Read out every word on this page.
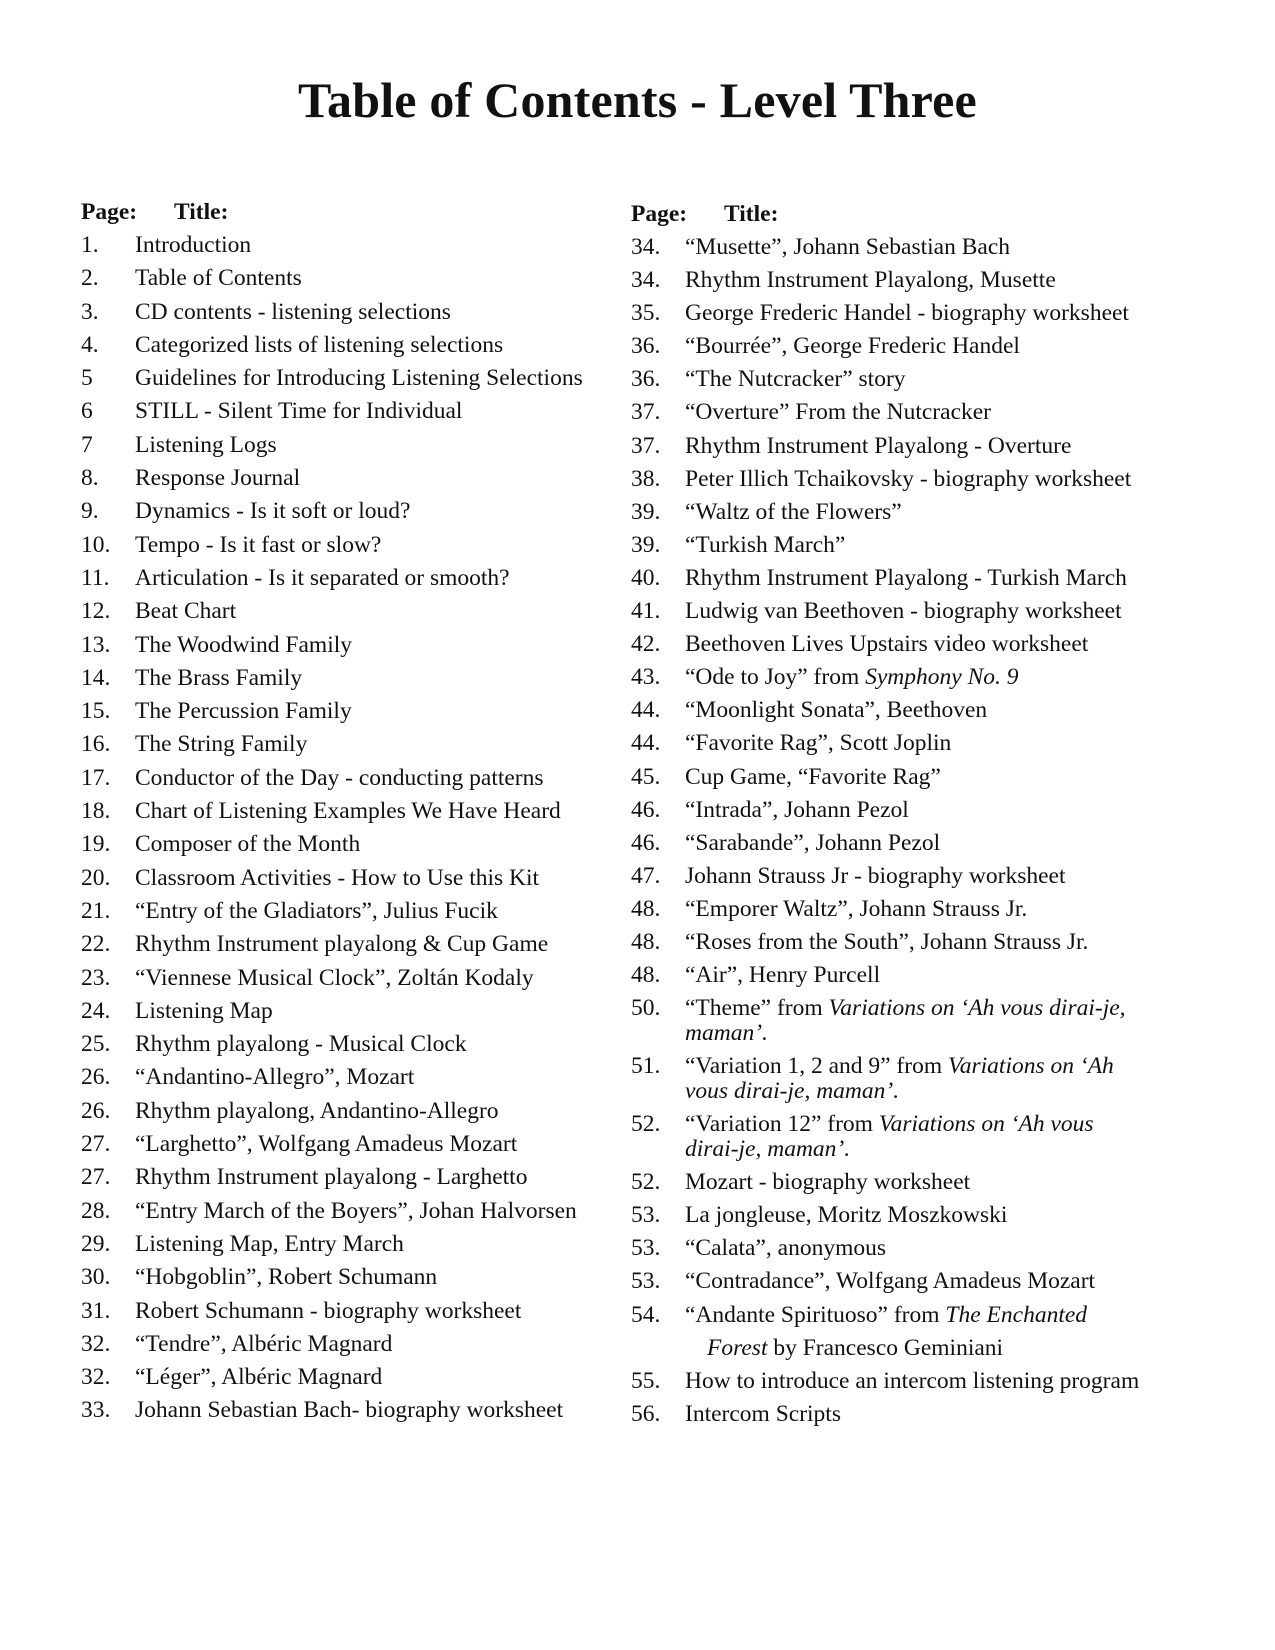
Table of Contents - Level Three
Page: Title:
1.	Introduction
2.	Table of Contents
3.	CD contents - listening selections
4.	Categorized lists of listening selections
5	Guidelines for Introducing Listening Selections
6	STILL - Silent Time for Individual
7	Listening Logs
8.	Response Journal
9.	Dynamics - Is it soft or loud?
10.	Tempo - Is it fast or slow?
11.	Articulation - Is it separated or smooth?
12.	Beat Chart
13.	The Woodwind Family
14.	The Brass Family
15.	The Percussion Family
16.	The String Family
17.	Conductor of the Day - conducting patterns
18.	Chart of Listening Examples We Have Heard
19.	Composer of the Month
20.	Classroom Activities - How to Use this Kit
21.	“Entry of the Gladiators”, Julius Fucik
22.	Rhythm Instrument playalong & Cup Game
23.	“Viennese Musical Clock”, Zoltán Kodaly
24.	Listening Map
25.	Rhythm playalong - Musical Clock
26.	“Andantino-Allegro”, Mozart
26.	Rhythm playalong, Andantino-Allegro
27.	“Larghetto”, Wolfgang Amadeus Mozart
27.	Rhythm Instrument playalong - Larghetto
28.	“Entry March of the Boyers”, Johan Halvorsen
29.	Listening Map, Entry March
30.	“Hobgoblin”, Robert Schumann
31.	Robert Schumann - biography worksheet
32.	“Tendre”, Albéric Magnard
32.	“Léger”, Albéric Magnard
33.	Johann Sebastian Bach- biography worksheet
Page: Title:
34.	“Musette”, Johann Sebastian Bach
34.	Rhythm Instrument Playalong, Musette
35.	George Frederic Handel - biography worksheet
36.	“Bourrée”, George Frederic Handel
36.	“The Nutcracker” story
37.	“Overture” From the Nutcracker
37.	Rhythm Instrument Playalong - Overture
38.	Peter Illich Tchaikovsky - biography worksheet
39.	“Waltz of the Flowers”
39.	“Turkish March”
40.	Rhythm Instrument Playalong - Turkish March
41.	Ludwig van Beethoven - biography worksheet
42.	Beethoven Lives Upstairs video worksheet
43.	“Ode to Joy” from Symphony No. 9
44.	“Moonlight Sonata”, Beethoven
44.	“Favorite Rag”, Scott Joplin
45.	Cup Game, “Favorite Rag”
46.	“Intrada”, Johann Pezol
46.	“Sarabande”, Johann Pezol
47.	Johann Strauss Jr - biography worksheet
48.	“Emporer Waltz”, Johann Strauss Jr.
48.	“Roses from the South”, Johann Strauss Jr.
48.	“Air”, Henry Purcell
50.	“Theme” from Variations on ‘Ah vous dirai-je, maman’.
51.	“Variation 1, 2 and 9” from Variations on ‘Ah vous dirai-je, maman’.
52.	“Variation 12” from Variations on ‘Ah vous dirai-je, maman’.
52.	Mozart - biography worksheet
53.	La jongleuse, Moritz Moszkowski
53.	“Calata”, anonymous
53.	“Contradance”, Wolfgang Amadeus Mozart
54.	“Andante Spirituoso” from The Enchanted
Forest by Francesco Geminiani
55.	How to introduce an intercom listening program
56.	Intercom Scripts
